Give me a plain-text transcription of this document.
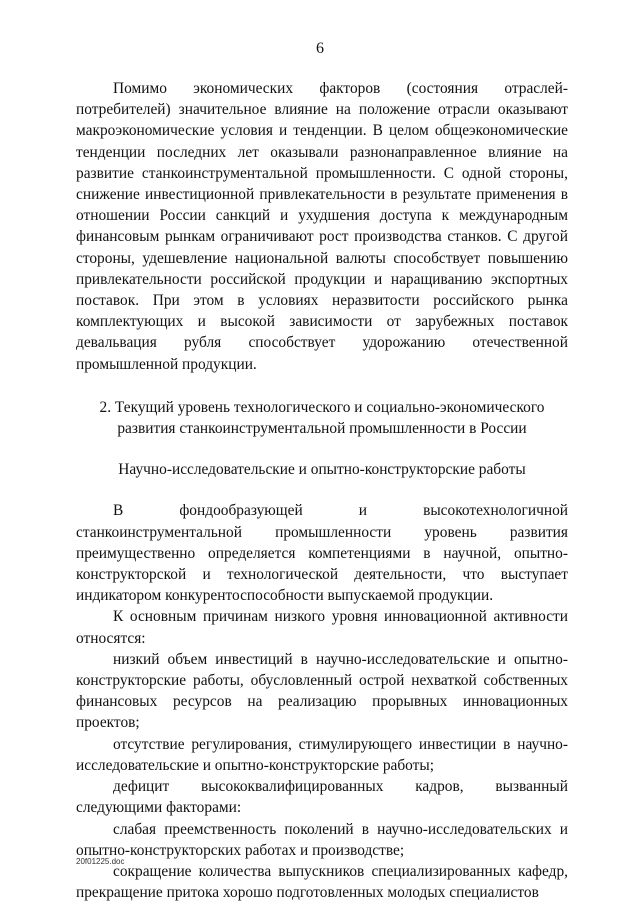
6

Помимо экономических факторов (состояния отраслей-потребителей) значительное влияние на положение отрасли оказывают макроэкономические условия и тенденции. В целом общеэкономические тенденции последних лет оказывали разнонаправленное влияние на развитие станкоинструментальной промышленности. С одной стороны, снижение инвестиционной привлекательности в результате применения в отношении России санкций и ухудшения доступа к международным финансовым рынкам ограничивают рост производства станков. С другой стороны, удешевление национальной валюты способствует повышению привлекательности российской продукции и наращиванию экспортных поставок. При этом в условиях неразвитости российского рынка комплектующих и высокой зависимости от зарубежных поставок девальвация рубля способствует удорожанию отечественной промышленной продукции.

2. Текущий уровень технологического и социально-экономического развития станкоинструментальной промышленности в России
Научно-исследовательские и опытно-конструкторские работы

В фондообразующей и высокотехнологичной станкоинструментальной промышленности уровень развития преимущественно определяется компетенциями в научной, опытно-конструкторской и технологической деятельности, что выступает индикатором конкурентоспособности выпускаемой продукции.

К основным причинам низкого уровня инновационной активности относятся:

низкий объем инвестиций в научно-исследовательские и опытно-конструкторские работы, обусловленный острой нехваткой собственных финансовых ресурсов на реализацию прорывных инновационных проектов;

отсутствие регулирования, стимулирующего инвестиции в научно-исследовательские и опытно-конструкторские работы;

дефицит высококвалифицированных кадров, вызванный следующими факторами:

слабая преемственность поколений в научно-исследовательских и опытно-конструкторских работах и производстве;

сокращение количества выпускников специализированных кафедр, прекращение притока хорошо подготовленных молодых специалистов

20f01225.doc
